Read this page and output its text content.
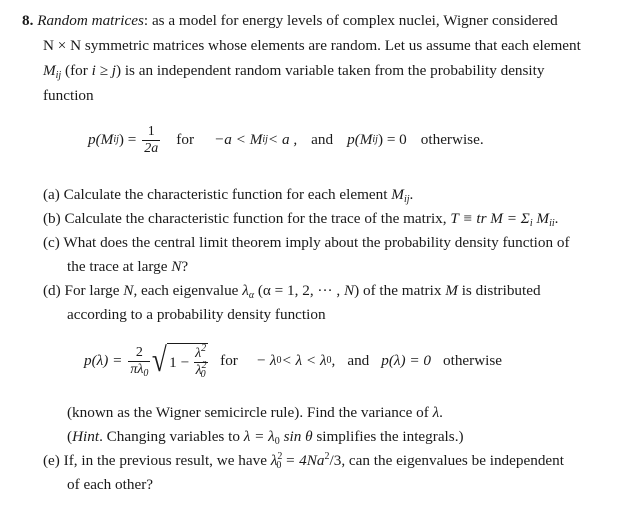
8. Random matrices: as a model for energy levels of complex nuclei, Wigner considered
N × N symmetric matrices whose elements are random. Let us assume that each element
$M_{ij}$ (for i ≥ j) is an independent random variable taken from the probability density
function
p(M ij ) = $\frac{1}{2a}$ for −a < M ij < a , and p(M ij ) = 0 otherwise.
(a) Calculate the characteristic function for each element $M_{ij}$.
(b) Calculate the characteristic function for the trace of the matrix, T ≡ tr $M = \Sigma_i$ $M_{ii}$.
(c) What does the central limit theorem imply about the probability density function of
the trace at large N?
(d) For large N, each eigenvalue $\lambda_\alpha$ (α = 1, 2, ··· , N) of the matrix M is distributed
according to a probability density function
$p(\lambda) = \frac{2}{\pi\lambda_0}$ √ $1 - \frac{\lambda^2}{\lambda^2_0}$ for − λ 0 < λ < λ 0 , and p(λ) = 0 otherwise
(known as the Wigner semicircle rule). Find the variance of λ.
(Hint. Changing variables to $\lambda = \lambda_0$ sin θ simplifies the integrals.)
(e) If, in the previous result, we have $\lambda^2_0 = 4Na^2/3$, can the eigenvalues be independent
of each other?
